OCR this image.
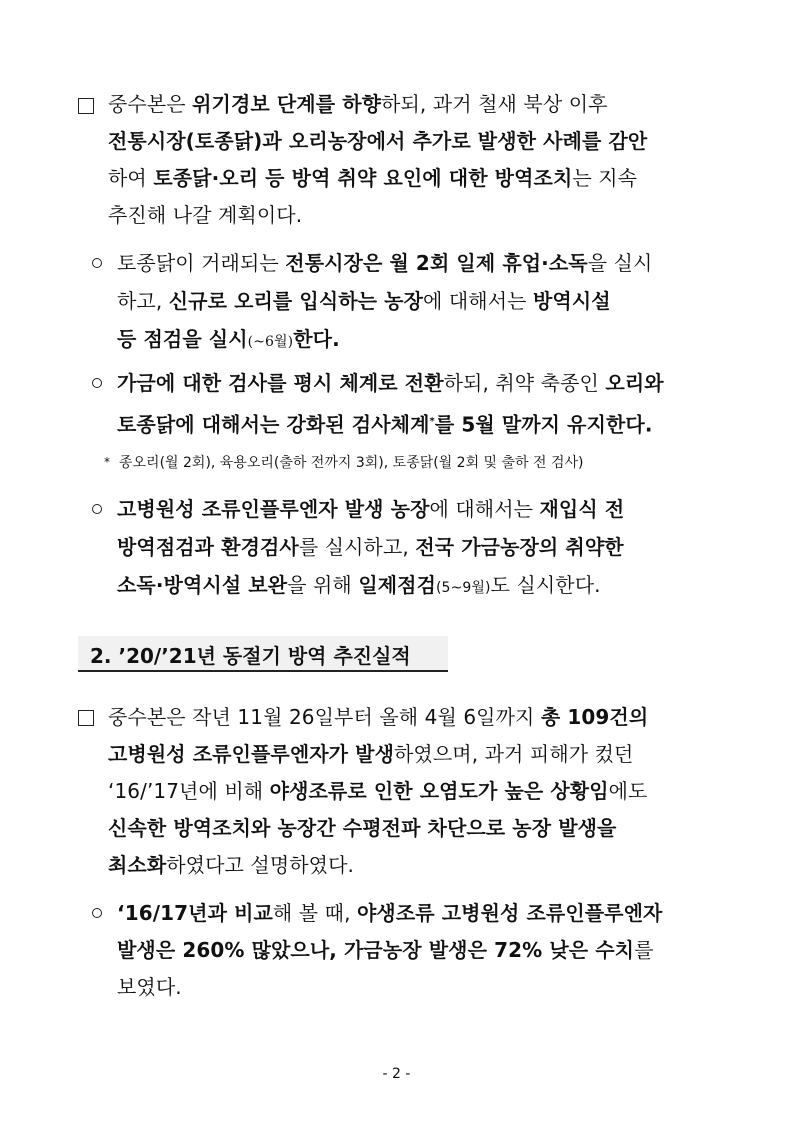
중수본은 위기경보 단계를 하향하되, 과거 철새 북상 이후
전통시장(토종닭)과 오리농장에서 추가로 발생한 사례를 감안
하여 토종닭·오리 등 방역 취약 요인에 대한 방역조치는 지속
추진해 나갈 계획이다.
토종닭이 거래되는 전통시장은 월 2회 일제 휴업·소독을 실시
하고, 신규로 오리를 입식하는 농장에 대해서는 방역시설
등 점검을 실시(~6월)한다.
가금에 대한 검사를 평시 체계로 전환하되, 취약 축종인 오리와
토종닭에 대해서는 강화된 검사체계*를 5월 말까지 유지한다.
* 종오리(월 2회), 육용오리(출하 전까지 3회), 토종닭(월 2회 및 출하 전 검사)
고병원성 조류인플루엔자 발생 농장에 대해서는 재입식 전
방역점검과 환경검사를 실시하고, 전국 가금농장의 취약한
소독·방역시설 보완을 위해 일제점검(5~9월)도 실시한다.
2. ’20/’21년 동절기 방역 추진실적
중수본은 작년 11월 26일부터 올해 4월 6일까지 총 109건의
고병원성 조류인플루엔자가 발생하였으며, 과거 피해가 컸던
‘16/’17년에 비해 야생조류로 인한 오염도가 높은 상황임에도
신속한 방역조치와 농장간 수평전파 차단으로 농장 발생을
최소화하였다고 설명하였다.
‘16/17년과 비교해 볼 때, 야생조류 고병원성 조류인플루엔자
발생은 260% 많았으나, 가금농장 발생은 72% 낮은 수치를
보였다.
- 2 -
